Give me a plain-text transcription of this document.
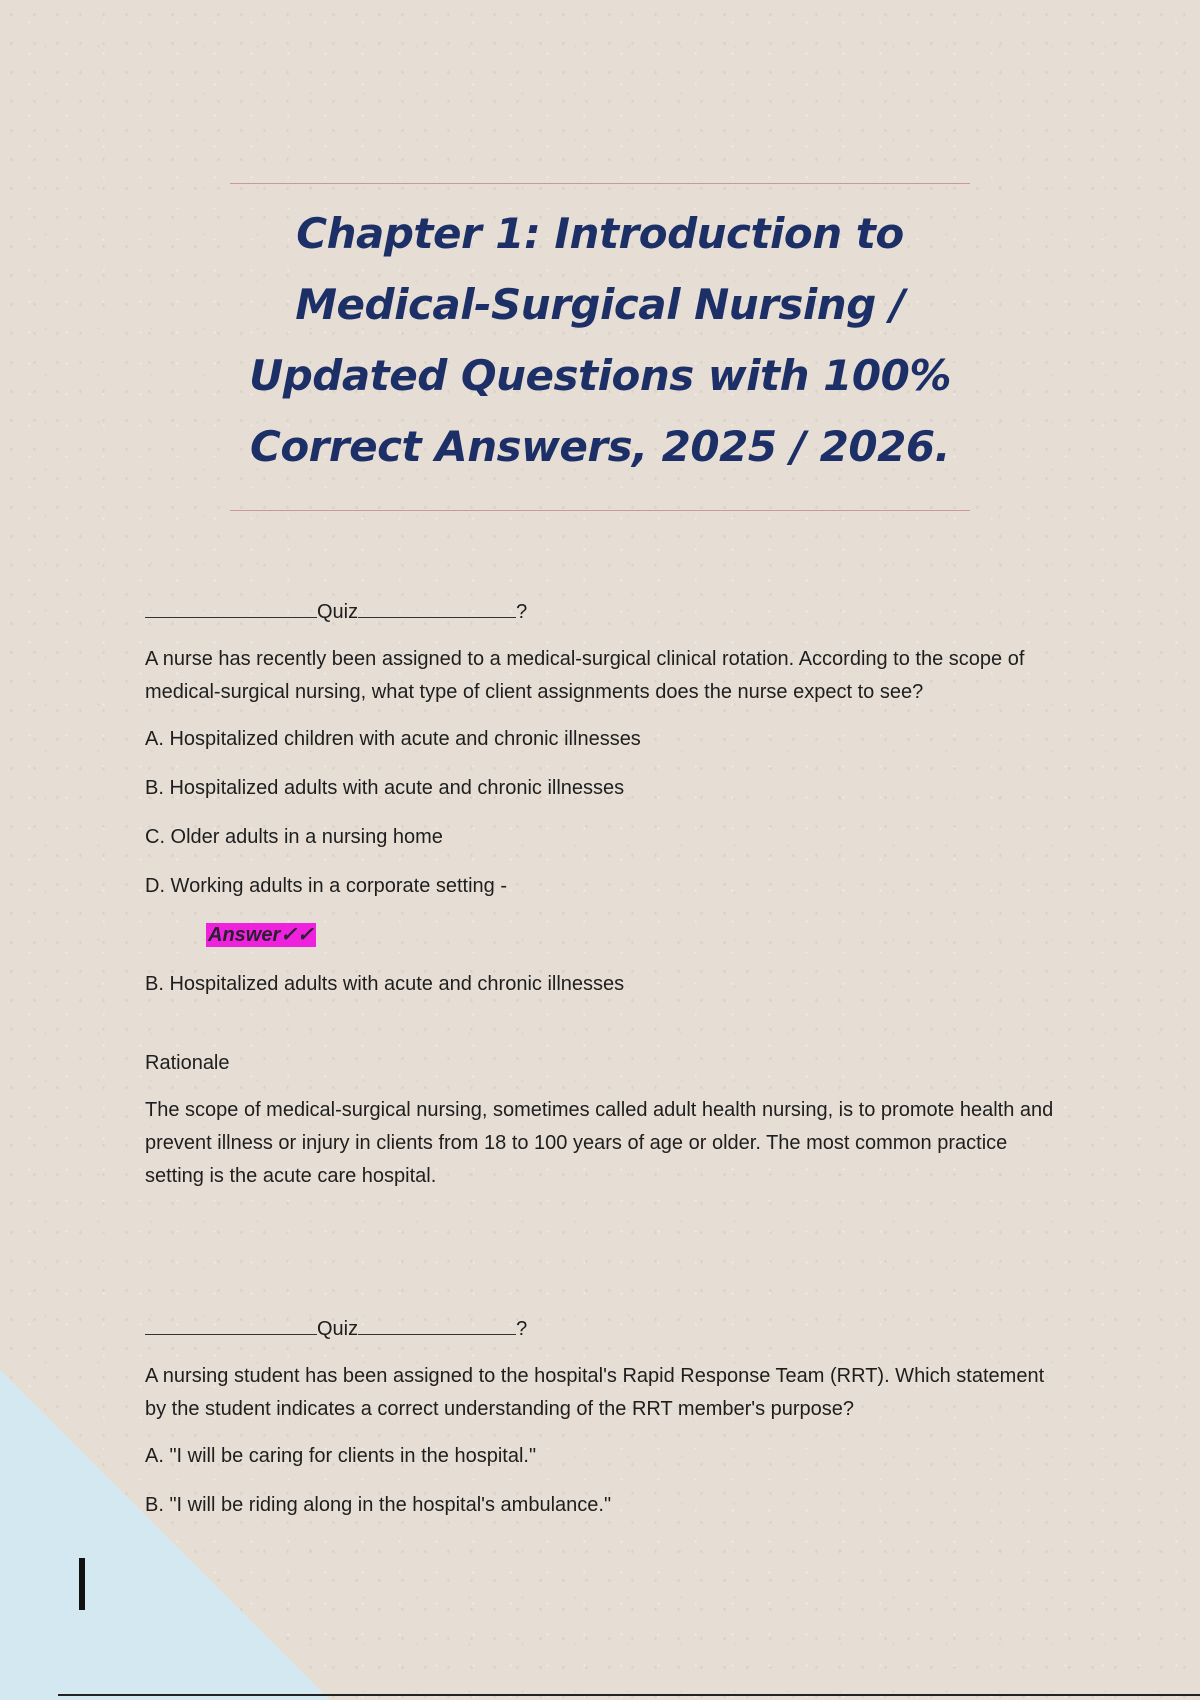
Chapter 1: Introduction to
Medical-Surgical Nursing /
Updated Questions with 100%
Correct Answers, 2025 / 2026.

Quiz	?

A nurse has recently been assigned to a medical-surgical clinical rotation. According to the scope of medical-surgical nursing, what type of client assignments does the nurse expect to see?

A. Hospitalized children with acute and chronic illnesses

B. Hospitalized adults with acute and chronic illnesses

C. Older adults in a nursing home

D. Working adults in a corporate setting -

Answer✓✓

B. Hospitalized adults with acute and chronic illnesses

Rationale

The scope of medical-surgical nursing, sometimes called adult health nursing, is to promote health and prevent illness or injury in clients from 18 to 100 years of age or older. The most common practice setting is the acute care hospital.

Quiz	?

A nursing student has been assigned to the hospital's Rapid Response Team (RRT). Which statement by the student indicates a correct understanding of the RRT member's purpose?

A. "I will be caring for clients in the hospital."

B. "I will be riding along in the hospital's ambulance."
